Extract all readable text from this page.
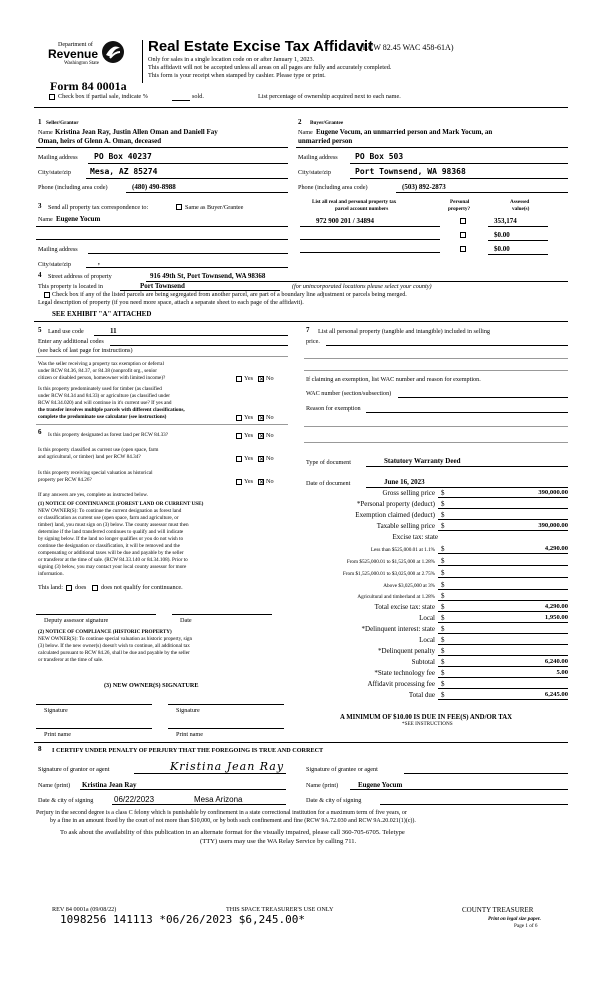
Department of
Revenue
Washington State
Real Estate Excise Tax Affidavit
(RCW 82.45 WAC 458-61A)
Only for sales in a single location code on or after January 1, 2023.
This affidavit will not be accepted unless all areas on all pages are fully and accurately completed.
This form is your receipt when stamped by cashier. Please type or print.
Form 84 0001a
Check box if partial sale, indicate %	sold.	List percentage of ownership acquired next to each name.
1 Seller/Grantor
Name Kristina Jean Ray, Justin Allen Oman and Daniell Fay
Oman, heirs of Glenn A. Oman, deceased
Mailing address PO Box 40237
City/state/zip Mesa, AZ 85274
Phone (including area code)	(480) 490-8988
2 Buyer/Grantee
Name Eugene Vocum, an unmarried person and Mark Yocum, an
unmarried person
Mailing address PO Box 503
City/state/zip	Port Townsend, WA 98368
Phone (including area code)	(503) 892-2873
3 Send all property tax correspondence to:	Same as Buyer/Grantee
Name Eugene Yocum
Mailing address
City/state/zip	,
List all real and personal property tax
parcel account numbers
Personal
property?
Assessed
value(s)
972 900 201 / 34894	353,174
$0.00
$0.00
4 Street address of property	916 49th St, Port Townsend, WA 98368
This property is located in	Port Townsend	(for unincorporated locations please select your county)
Check box if any of the listed parcels are being segregated from another parcel, are part of a boundary line adjustment or parcels being merged.
Legal description of property (if you need more space, attach a separate sheet to each page of the affidavit).
SEE EXHIBIT "A" ATTACHED
5 Land use code	11
Enter any additional codes
(see back of last page for instructions)
Was the seller receiving a property tax exemption or deferral
under RCW 84.36, 84.37, or 84.38 (nonprofit org., senior
citizen or disabled person, homeowner with limited income)?	Yes ✕ No
Is this property predominately used for timber (as classified
under RCW 84.34 and 84.33) or agriculture (as classified under
RCW 84.34.020) and will continue in it's current use? If yes and
the transfer involves multiple parcels with different classifications,
complete the predominate use calculator (see instructions)	Yes ✕ No
6 Is this property designated as forest land per RCW 84.33?	Yes ✕ No
Is this property classified as current use (open space, farm
and agricultural, or timber) land per RCW 84.34?	Yes ✕ No
Is this property receiving special valuation as historical
property per RCW 84.26?	Yes ✕ No
If any answers are yes, complete as instructed below.
(1) NOTICE OF CONTINUANCE (FOREST LAND OR CURRENT USE)
NEW OWNER(S): To continue the current designation as forest land
or classification as current use (open space, farm and agriculture, or
timber) land, you must sign on (3) below. The county assessor must then
determine if the land transferred continues to qualify and will indicate
by signing below. If the land no longer qualifies or you do not wish to
continue the designation or classification, it will be removed and the
compensating or additional taxes will be due and payable by the seller
or transferor at the time of sale. (RCW 84.33.140 or 84.34.108). Prior to
signing (3) below, you may contact your local county assessor for more
information.
This land: does does not qualify for continuance.
Deputy assessor signature	Date
(2) NOTICE OF COMPLIANCE (HISTORIC PROPERTY)
NEW OWNER(S): To continue special valuation as historic property, sign
(3) below. If the new owner(s) doesn't wish to continue, all additional tax
calculated pursuant to RCW 84.26, shall be due and payable by the seller
or transferor at the time of sale.
(3) NEW OWNER(S) SIGNATURE
Signature	Signature
Print name	Print name
7 List all personal property (tangible and intangible) included in selling
price.
If claiming an exemption, list WAC number and reason for exemption.
WAC number (section/subsection)
Reason for exemption
Type of document	Statutory Warranty Deed
Date of document	June 16, 2023
Gross selling price $	390,000.00
*Personal property (deduct) $
Exemption claimed (deduct) $
Taxable selling price $	390,000.00
Excise tax: state
Less than $525,000.01 at 1.1% $	4,290.00
From $525,000.01 to $1,525,000 at 1.28% $
From $1,525,000.01 to $3,025,000 at 2.75% $
Above $3,025,000 at 3% $
Agricultural and timberland at 1.28% $
Total excise tax: state $	4,290.00
Local $	1,950.00
*Delinquent interest: state $
Local $
*Delinquent penalty $
Subtotal $	6,240.00
*State technology fee $	5.00
Affidavit processing fee $
Total due $	6,245.00
A MINIMUM OF $10.00 IS DUE IN FEE(S) AND/OR TAX
*SEE INSTRUCTIONS
8 I CERTIFY UNDER PENALTY OF PERJURY THAT THE FOREGOING IS TRUE AND CORRECT
Signature of grantor or agent	Kristina Jean Ray
Name (print) Kristina Jean Ray
Date & city of signing	06/22/2023	Mesa Arizona
Signature of grantee or agent
Name (print)	Eugene Yocum
Date & city of signing
Perjury in the second degree is a class C felony which is punishable by confinement in a state correctional institution for a maximum term of five years, or
by a fine in an amount fixed by the court of not more than $10,000, or by both such confinement and fine (RCW 9A.72.030 and RCW 9A.20.021(1)(c)).
To ask about the availability of this publication in an alternate format for the visually impaired, please call 360-705-6705. Teletype
(TTY) users may use the WA Relay Service by calling 711.
REV 84 0001a (09/08/22)	THIS SPACE TREASURER'S USE ONLY
1098256 141113 *06/26/2023 $6,245.00*
COUNTY TREASURER
Print on legal size paper.
Page 1 of 6
